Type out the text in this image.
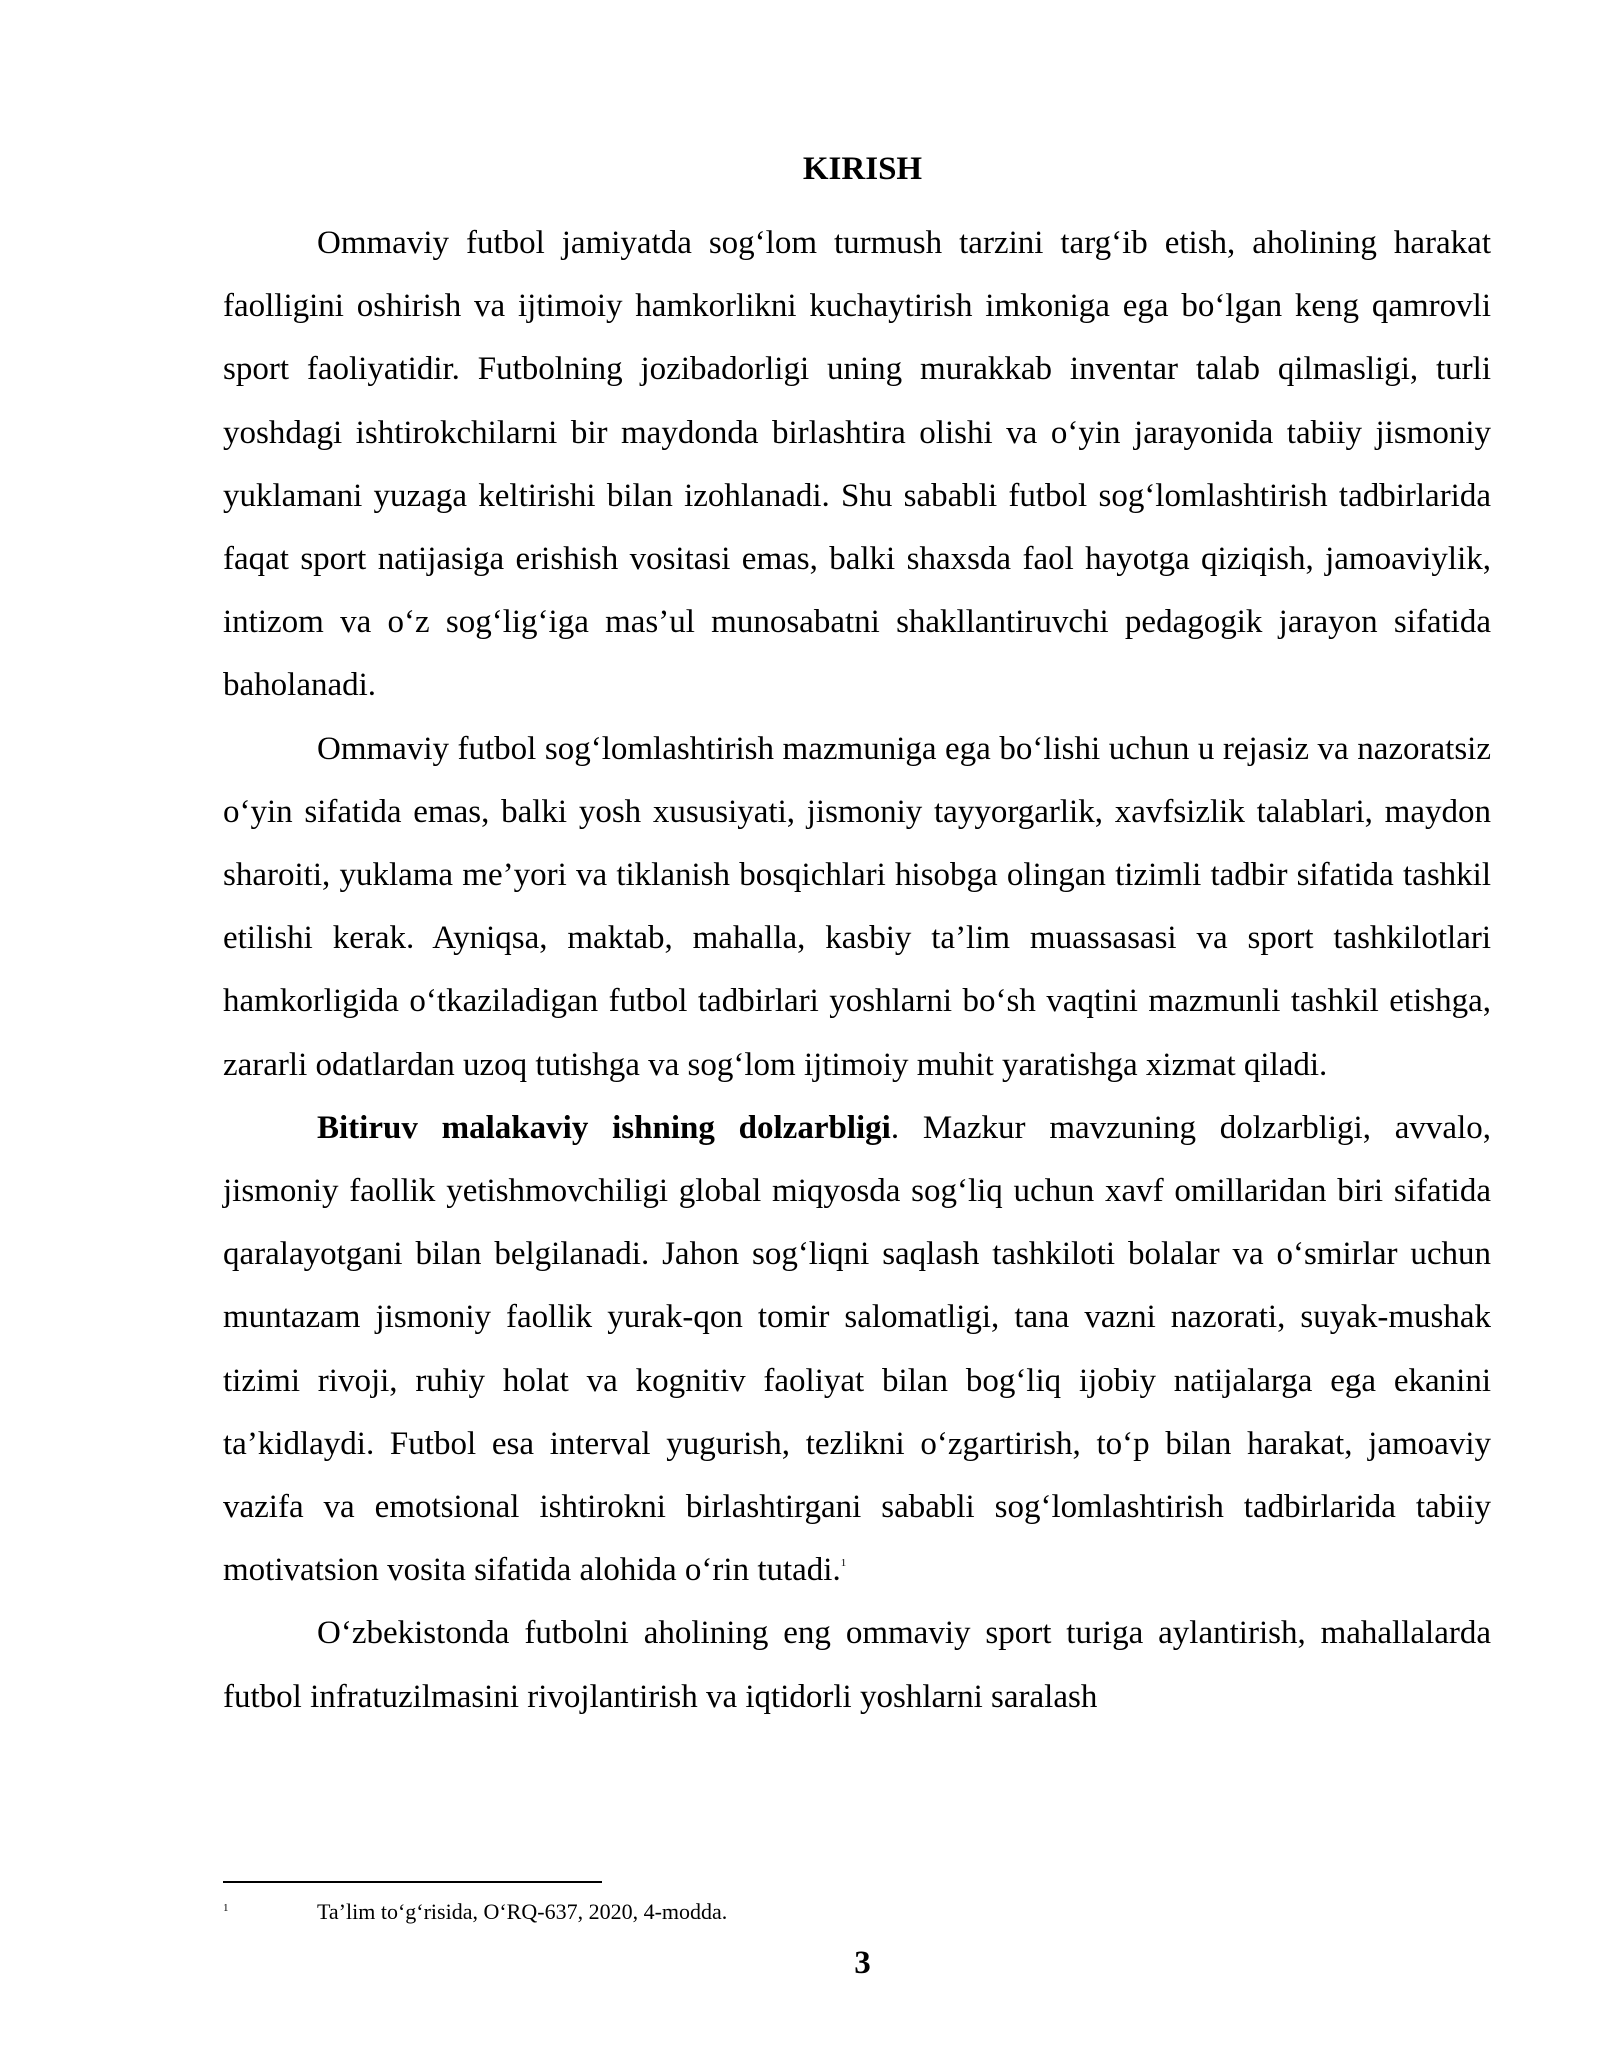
KIRISH

Ommaviy futbol jamiyatda sog‘lom turmush tarzini targ‘ib etish, aholining harakat faolligini oshirish va ijtimoiy hamkorlikni kuchaytirish imkoniga ega bo‘lgan keng qamrovli sport faoliyatidir. Futbolning jozibadorligi uning murakkab inventar talab qilmasligi, turli yoshdagi ishtirokchilarni bir maydonda birlashtira olishi va o‘yin jarayonida tabiiy jismoniy yuklamani yuzaga keltirishi bilan izohlanadi. Shu sababli futbol sog‘lomlashtirish tadbirlarida faqat sport natijasiga erishish vositasi emas, balki shaxsda faol hayotga qiziqish, jamoaviylik, intizom va o‘z sog‘lig‘iga mas’ul munosabatni shakllantiruvchi pedagogik jarayon sifatida baholanadi.

Ommaviy futbol sog‘lomlashtirish mazmuniga ega bo‘lishi uchun u rejasiz va nazoratsiz o‘yin sifatida emas, balki yosh xususiyati, jismoniy tayyorgarlik, xavfsizlik talablari, maydon sharoiti, yuklama me’yori va tiklanish bosqichlari hisobga olingan tizimli tadbir sifatida tashkil etilishi kerak. Ayniqsa, maktab, mahalla, kasbiy ta’lim muassasasi va sport tashkilotlari hamkorligida o‘tkaziladigan futbol tadbirlari yoshlarni bo‘sh vaqtini mazmunli tashkil etishga, zararli odatlardan uzoq tutishga va sog‘lom ijtimoiy muhit yaratishga xizmat qiladi.

Bitiruv malakaviy ishning dolzarbligi. Mazkur mavzuning dolzarbligi, avvalo, jismoniy faollik yetishmovchiligi global miqyosda sog‘liq uchun xavf omillaridan biri sifatida qaralayotgani bilan belgilanadi. Jahon sog‘liqni saqlash tashkiloti bolalar va o‘smirlar uchun muntazam jismoniy faollik yurak-qon tomir salomatligi, tana vazni nazorati, suyak-mushak tizimi rivoji, ruhiy holat va kognitiv faoliyat bilan bog‘liq ijobiy natijalarga ega ekanini ta’kidlaydi. Futbol esa interval yugurish, tezlikni o‘zgartirish, to‘p bilan harakat, jamoaviy vazifa va emotsional ishtirokni birlashtirgani sababli sog‘lomlashtirish tadbirlarida tabiiy motivatsion vosita sifatida alohida o‘rin tutadi.$^1$

O‘zbekistonda futbolni aholining eng ommaviy sport turiga aylantirish, mahallalarda futbol infratuzilmasini rivojlantirish va iqtidorli yoshlarni saralash

1	Ta’lim to‘g‘risida, O‘RQ-637, 2020, 4-modda.
3
